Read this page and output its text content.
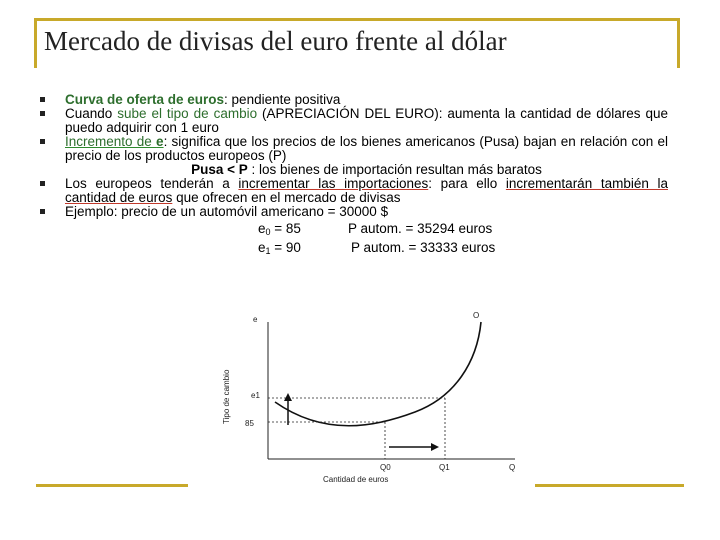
Mercado de divisas del euro frente al dólar
Curva de oferta de euros: pendiente positiva
Cuando sube el tipo de cambio (APRECIACIÓN DEL EURO): aumenta la cantidad de dólares que puedo adquirir con 1 euro
Incremento de e: significa que los precios de los bienes americanos (Pusa) bajan en relación con el precio de los productos europeos (P)
Pusa < P : los bienes de importación resultan más baratos
Los europeos tenderán a incrementar las importaciones: para ello incrementarán también la cantidad de euros que ofrecen en el mercado de divisas
Ejemplo: precio de un automóvil americano = 30000 $
$e_0 = 85$	P autom. = 35294 euros
$e_1 = 90$	P autom. = 33333 euros
e	O
Tipo de cambio	e1
85
Q0	Q1	Q
Cantidad de euros
